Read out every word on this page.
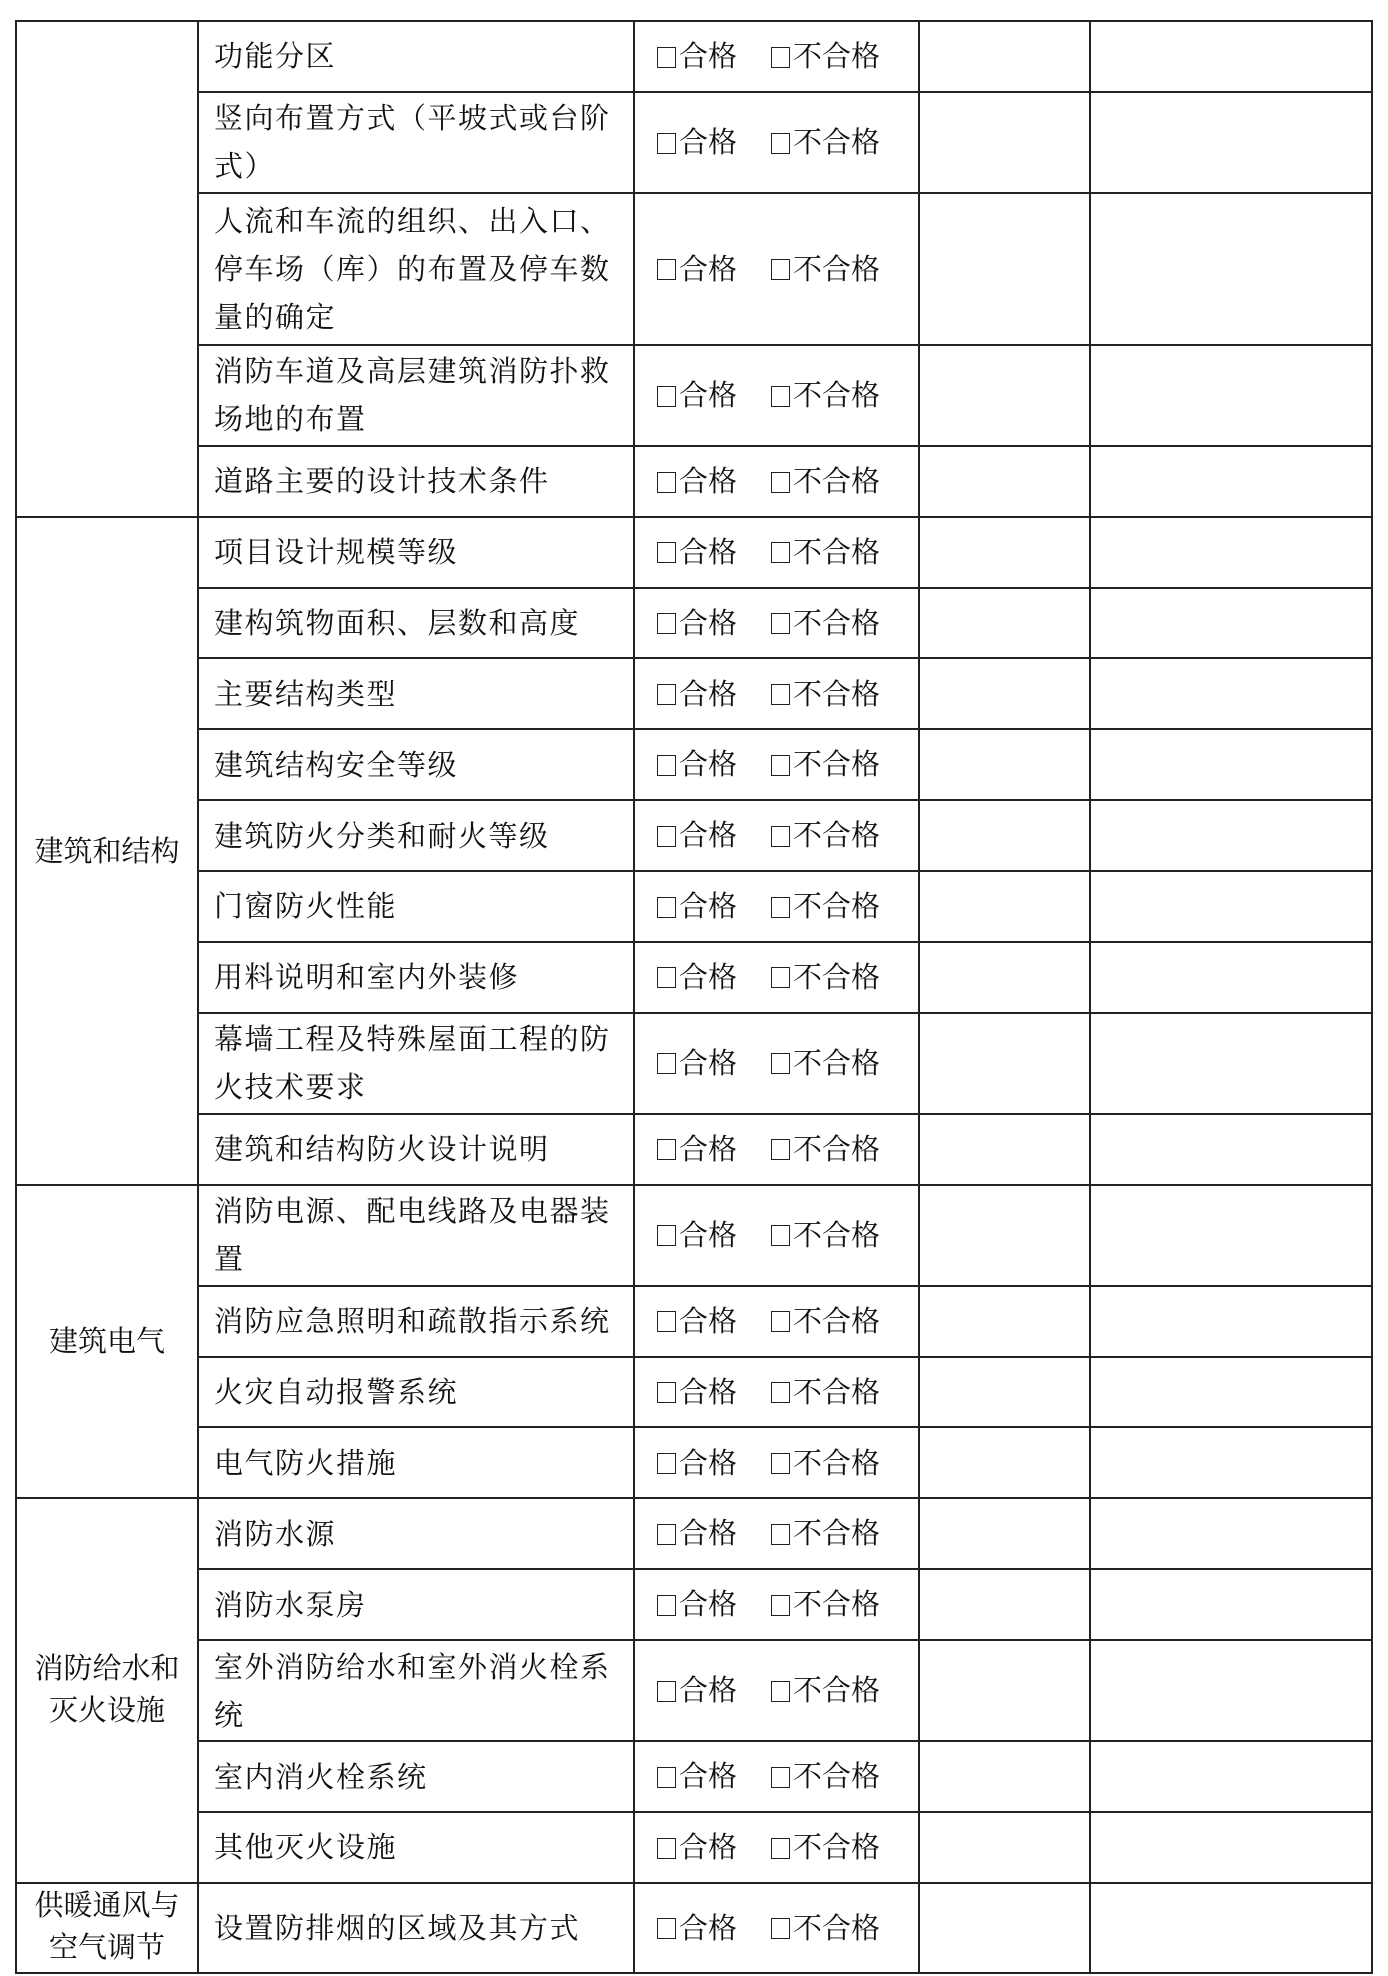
	功能分区	合格 不合格		

	竖向布置方式（平坡式或台阶式）	合格 不合格		

	人流和车流的组织、出入口、停车场（库）的布置及停车数量的确定	合格 不合格		

	消防车道及高层建筑消防扑救场地的布置	合格 不合格		

	道路主要的设计技术条件	合格 不合格		

建筑和结构	项目设计规模等级	合格 不合格		

	建构筑物面积、层数和高度	合格 不合格		

	主要结构类型	合格 不合格		

	建筑结构安全等级	合格 不合格		

	建筑防火分类和耐火等级	合格 不合格		

	门窗防火性能	合格 不合格		

	用料说明和室内外装修	合格 不合格		

	幕墙工程及特殊屋面工程的防火技术要求	合格 不合格		

	建筑和结构防火设计说明	合格 不合格		

建筑电气	消防电源、配电线路及电器装置	合格 不合格		

	消防应急照明和疏散指示系统	合格 不合格		

	火灾自动报警系统	合格 不合格		

	电气防火措施	合格 不合格		

消防给水和
灭火设施	消防水源	合格 不合格		

	消防水泵房	合格 不合格		

	室外消防给水和室外消火栓系统	合格 不合格		

	室内消火栓系统	合格 不合格		

	其他灭火设施	合格 不合格		

供暖通风与
空气调节	设置防排烟的区域及其方式	合格 不合格		
